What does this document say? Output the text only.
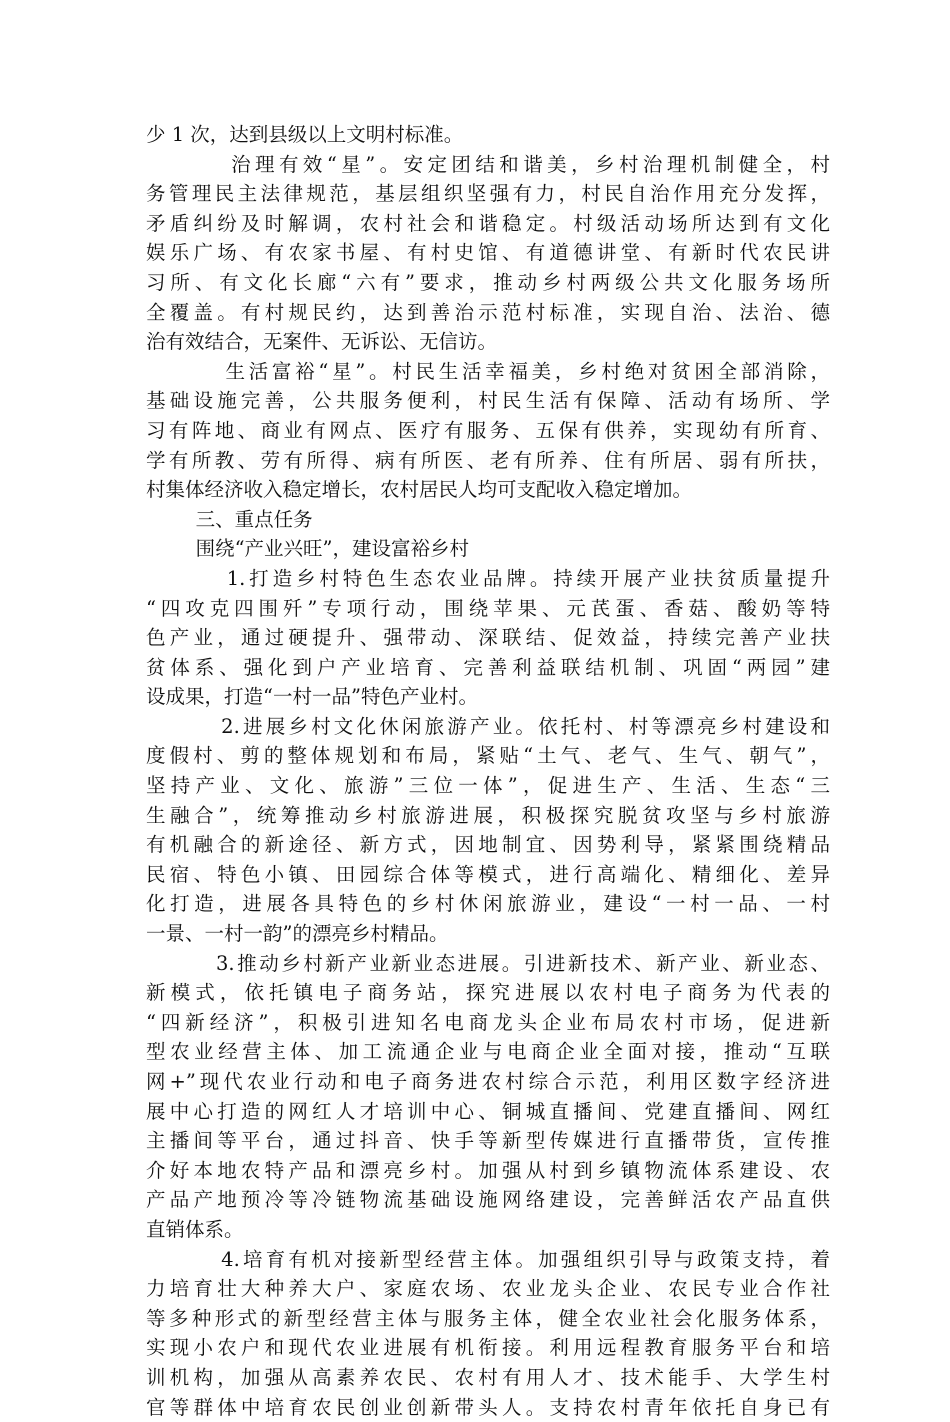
少 1 次，达到县级以上文明村标准。
治理有效“星”。安定团结和谐美，乡村治理机制健全，村
务管理民主法律规范，基层组织坚强有力，村民自治作用充分发挥，
矛盾纠纷及时解调，农村社会和谐稳定。村级活动场所达到有文化
娱乐广场、有农家书屋、有村史馆、有道德讲堂、有新时代农民讲
习所、有文化长廊“六有”要求，推动乡村两级公共文化服务场所
全覆盖。有村规民约，达到善治示范村标准，实现自治、法治、德
治有效结合，无案件、无诉讼、无信访。
生活富裕“星”。村民生活幸福美，乡村绝对贫困全部消除，
基础设施完善，公共服务便利，村民生活有保障、活动有场所、学
习有阵地、商业有网点、医疗有服务、五保有供养，实现幼有所育、
学有所教、劳有所得、病有所医、老有所养、住有所居、弱有所扶，
村集体经济收入稳定增长，农村居民人均可支配收入稳定增加。
三、重点任务
围绕“产业兴旺”，建设富裕乡村
1.打造乡村特色生态农业品牌。持续开展产业扶贫质量提升
“四攻克四围歼”专项行动，围绕苹果、元芪蛋、香菇、酸奶等特
色产业，通过硬提升、强带动、深联结、促效益，持续完善产业扶
贫体系、强化到户产业培育、完善利益联结机制、巩固“两园”建
设成果，打造“一村一品”特色产业村。
2.进展乡村文化休闲旅游产业。依托村、村等漂亮乡村建设和
度假村、剪的整体规划和布局，紧贴“土气、老气、生气、朝气”，
坚持产业、文化、旅游”三位一体”，促进生产、生活、生态“三
生融合”，统筹推动乡村旅游进展，积极探究脱贫攻坚与乡村旅游
有机融合的新途径、新方式，因地制宜、因势利导，紧紧围绕精品
民宿、特色小镇、田园综合体等模式，进行高端化、精细化、差异
化打造，进展各具特色的乡村休闲旅游业，建设“一村一品、一村
一景、一村一韵”的漂亮乡村精品。
3.推动乡村新产业新业态进展。引进新技术、新产业、新业态、
新模式，依托镇电子商务站，探究进展以农村电子商务为代表的
“四新经济”，积极引进知名电商龙头企业布局农村市场，促进新
型农业经营主体、加工流通企业与电商企业全面对接，推动“互联
网+”现代农业行动和电子商务进农村综合示范，利用区数字经济进
展中心打造的网红人才培训中心、铜城直播间、党建直播间、网红
主播间等平台，通过抖音、快手等新型传媒进行直播带货，宣传推
介好本地农特产品和漂亮乡村。加强从村到乡镇物流体系建设、农
产品产地预冷等冷链物流基础设施网络建设，完善鲜活农产品直供
直销体系。
4.培育有机对接新型经营主体。加强组织引导与政策支持，着
力培育壮大种养大户、家庭农场、农业龙头企业、农民专业合作社
等多种形式的新型经营主体与服务主体，健全农业社会化服务体系，
实现小农户和现代农业进展有机衔接。利用远程教育服务平台和培
训机构，加强从高素养农民、农村有用人才、技术能手、大学生村
官等群体中培育农民创业创新带头人。支持农村青年依托自身已有
